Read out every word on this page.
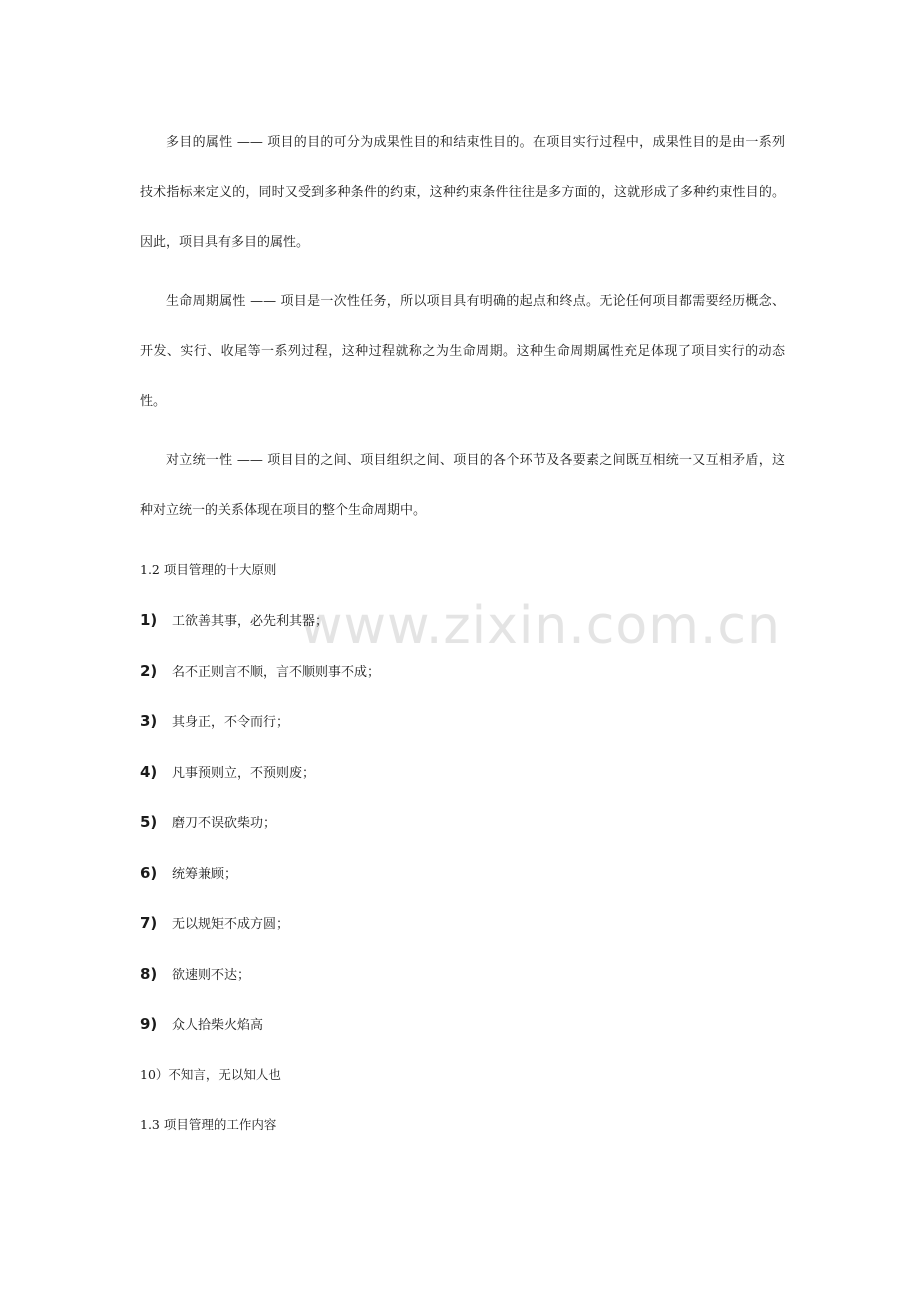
www.zixin.com.cn

多目的属性 —— 项目的目的可分为成果性目的和结束性目的。在项目实行过程中，成果性目的是由一系列技术指标来定义的，同时又受到多种条件的约束，这种约束条件往往是多方面的，这就形成了多种约束性目的。因此，项目具有多目的属性。

生命周期属性 —— 项目是一次性任务，所以项目具有明确的起点和终点。无论任何项目都需要经历概念、开发、实行、收尾等一系列过程，这种过程就称之为生命周期。这种生命周期属性充足体现了项目实行的动态性。

对立统一性 —— 项目目的之间、项目组织之间、项目的各个环节及各要素之间既互相统一又互相矛盾，这种对立统一的关系体现在项目的整个生命周期中。

1.2 项目管理的十大原则
1) 工欲善其事，必先利其器；
2) 名不正则言不顺，言不顺则事不成；
3) 其身正，不令而行；
4) 凡事预则立，不预则废；
5) 磨刀不误砍柴功；
6) 统筹兼顾；
7) 无以规矩不成方圆；
8) 欲速则不达；
9) 众人拾柴火焰高
10）不知言，无以知人也
1.3 项目管理的工作内容
